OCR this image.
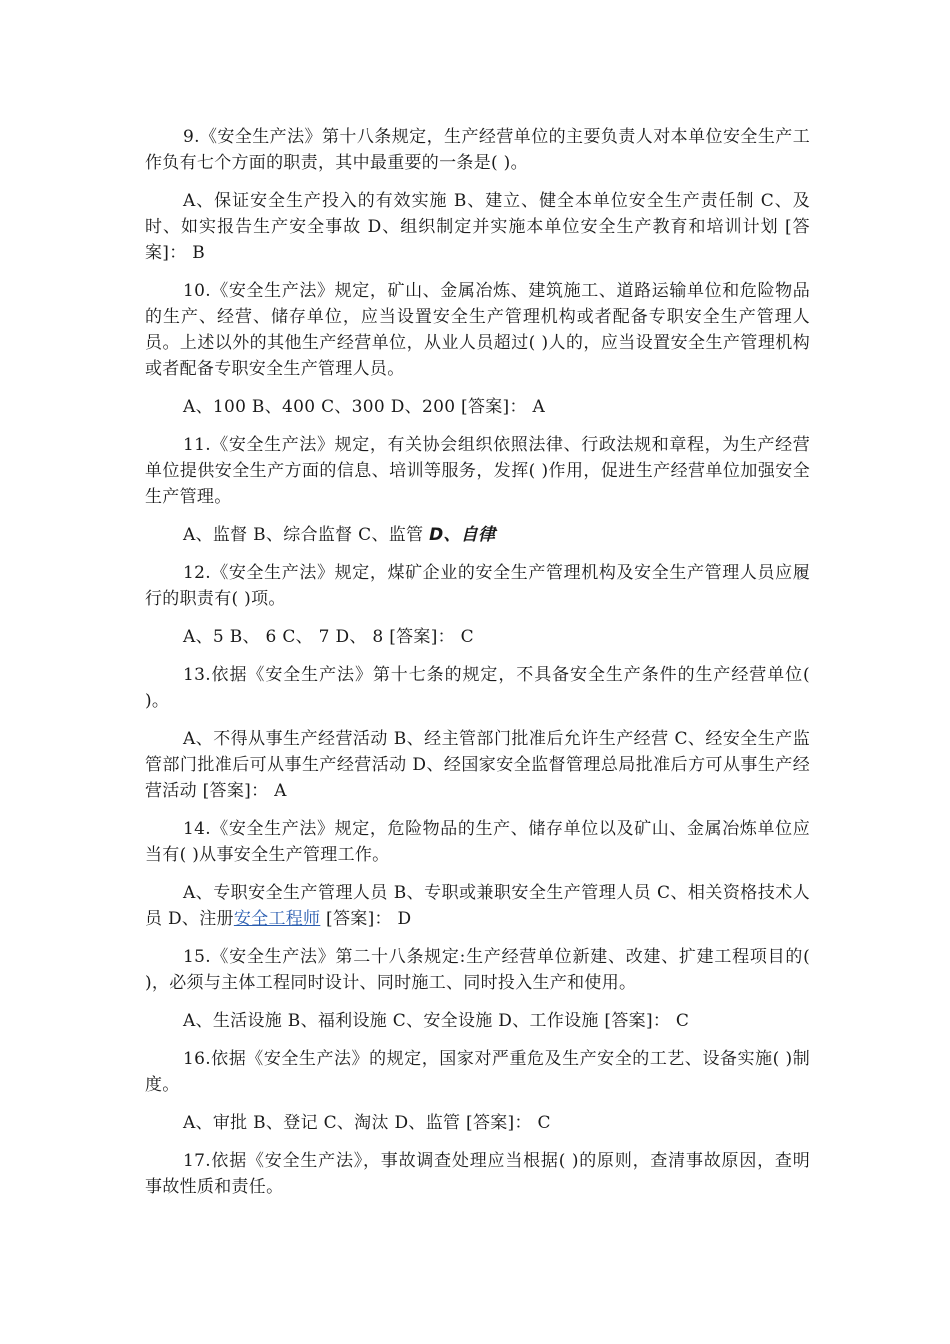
9.《安全生产法》第十八条规定，生产经营单位的主要负责人对本单位安全生产工作负有七个方面的职责，其中最重要的一条是( )。

A、保证安全生产投入的有效实施 B、建立、健全本单位安全生产责任制 C、及时、如实报告生产安全事故 D、组织制定并实施本单位安全生产教育和培训计划 [答案]： B

10.《安全生产法》规定，矿山、金属冶炼、建筑施工、道路运输单位和危险物品的生产、经营、储存单位，应当设置安全生产管理机构或者配备专职安全生产管理人员。上述以外的其他生产经营单位，从业人员超过( )人的，应当设置安全生产管理机构或者配备专职安全生产管理人员。

A、100 B、400 C、300 D、200 [答案]： A

11.《安全生产法》规定，有关协会组织依照法律、行政法规和章程，为生产经营单位提供安全生产方面的信息、培训等服务，发挥( )作用，促进生产经营单位加强安全生产管理。

A、监督 B、综合监督 C、监管 D、自律

12.《安全生产法》规定，煤矿企业的安全生产管理机构及安全生产管理人员应履行的职责有( )项。

A、5 B、 6 C、 7 D、 8 [答案]： C

13.依据《安全生产法》第十七条的规定，不具备安全生产条件的生产经营单位( )。

A、不得从事生产经营活动 B、经主管部门批准后允许生产经营 C、经安全生产监管部门批准后可从事生产经营活动 D、经国家安全监督管理总局批准后方可从事生产经营活动 [答案]： A

14.《安全生产法》规定，危险物品的生产、储存单位以及矿山、金属冶炼单位应当有( )从事安全生产管理工作。

A、专职安全生产管理人员 B、专职或兼职安全生产管理人员 C、相关资格技术人员 D、注册安全工程师 [答案]： D

15.《安全生产法》第二十八条规定:生产经营单位新建、改建、扩建工程项目的( )，必须与主体工程同时设计、同时施工、同时投入生产和使用。

A、生活设施 B、福利设施 C、安全设施 D、工作设施 [答案]： C

16.依据《安全生产法》的规定，国家对严重危及生产安全的工艺、设备实施( )制度。

A、审批 B、登记 C、淘汰 D、监管 [答案]： C

17.依据《安全生产法》，事故调查处理应当根据( )的原则，查清事故原因，查明事故性质和责任。
